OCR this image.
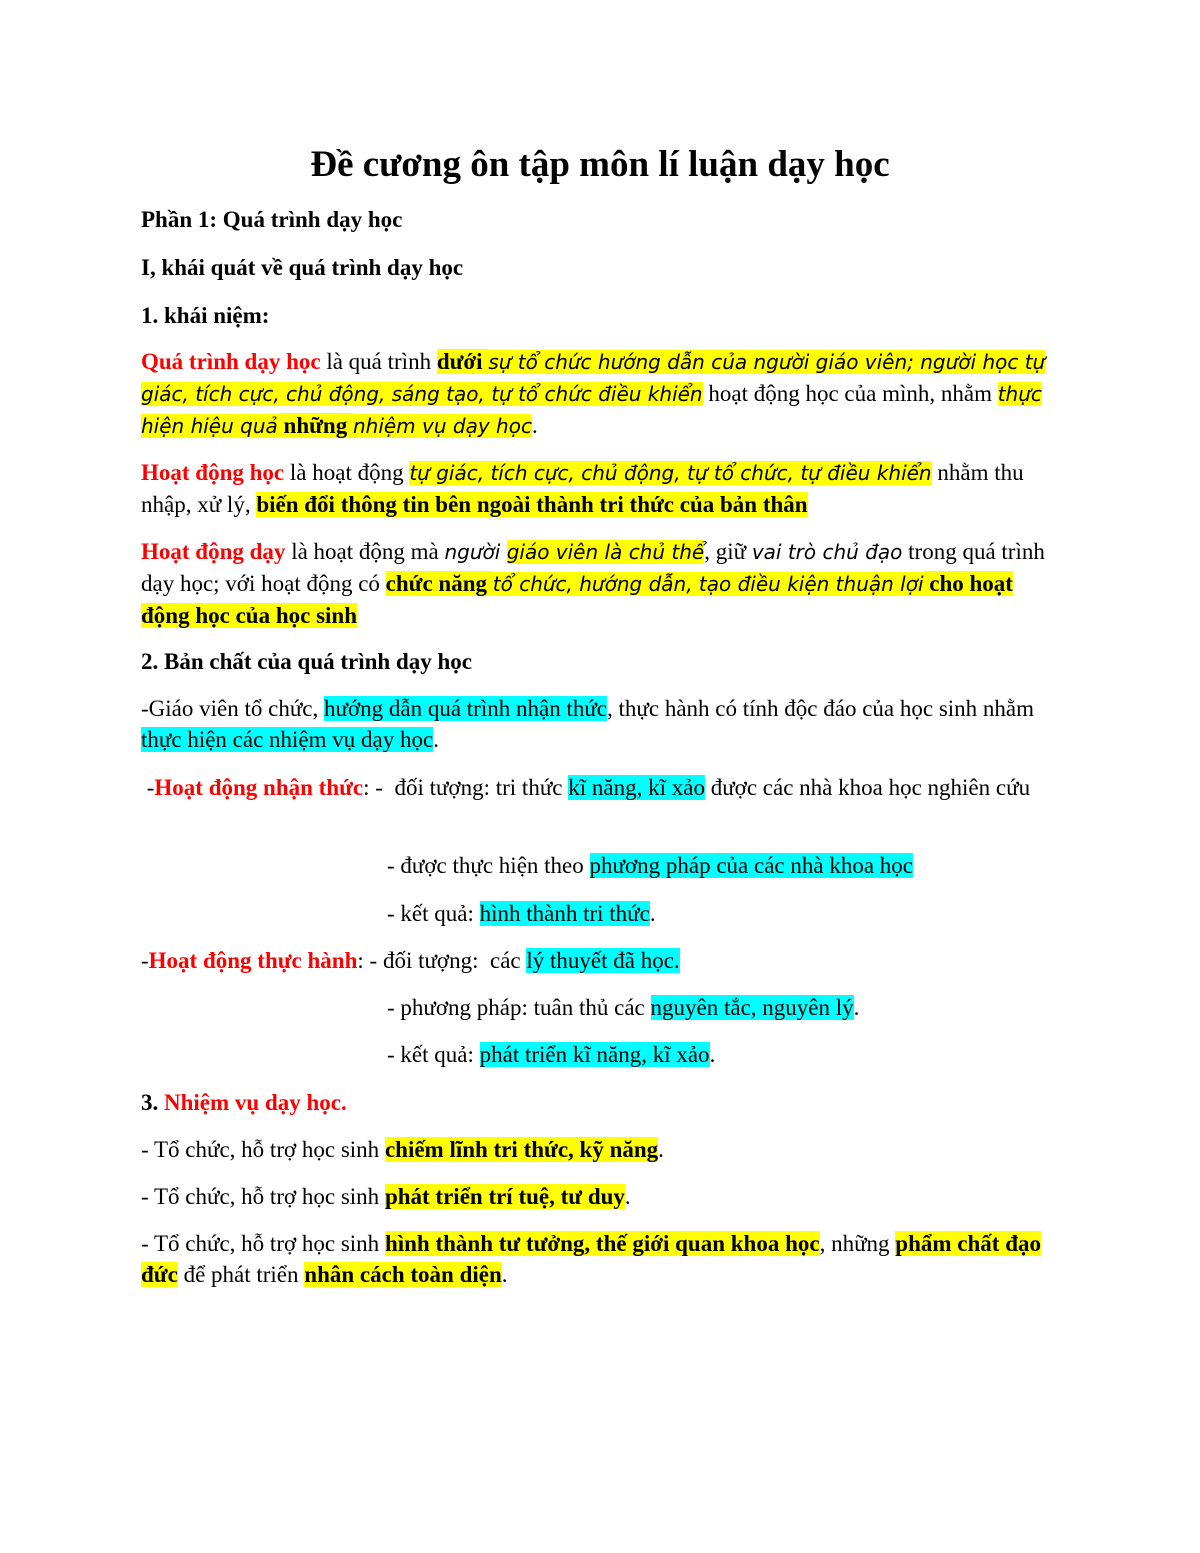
Đề cương ôn tập môn lí luận dạy học
Phần 1: Quá trình dạy học
I, khái quát về quá trình dạy học
1. khái niệm:
Quá trình dạy học là quá trình dưới sự tổ chức hướng dẫn của người giáo viên; người học tự giác, tích cực, chủ động, sáng tạo, tự tổ chức điều khiển hoạt động học của mình, nhằm thực hiện hiệu quả những nhiệm vụ dạy học.
Hoạt động học là hoạt động tự giác, tích cực, chủ động, tự tổ chức, tự điều khiển nhằm thu nhập, xử lý, biến đổi thông tin bên ngoài thành tri thức của bản thân
Hoạt động dạy là hoạt động mà người giáo viên là chủ thể, giữ vai trò chủ đạo trong quá trình dạy học; với hoạt động có chức năng tổ chức, hướng dẫn, tạo điều kiện thuận lợi cho hoạt động học của học sinh
2. Bản chất của quá trình dạy học
-Giáo viên tổ chức, hướng dẫn quá trình nhận thức, thực hành có tính độc đáo của học sinh nhằm thực hiện các nhiệm vụ dạy học.
-Hoạt động nhận thức: -  đối tượng: tri thức kĩ năng, kĩ xảo được các nhà khoa học nghiên cứu
- được thực hiện theo phương pháp của các nhà khoa học
- kết quả: hình thành tri thức.
-Hoạt động thực hành: - đối tượng:  các lý thuyết đã học.
- phương pháp: tuân thủ các nguyên tắc, nguyên lý.
- kết quả: phát triển kĩ năng, kĩ xảo.
3. Nhiệm vụ dạy học.
- Tổ chức, hỗ trợ học sinh chiếm lĩnh tri thức, kỹ năng.
- Tổ chức, hỗ trợ học sinh phát triển trí tuệ, tư duy.
- Tổ chức, hỗ trợ học sinh hình thành tư tưởng, thế giới quan khoa học, những phẩm chất đạo đức để phát triển nhân cách toàn diện.
